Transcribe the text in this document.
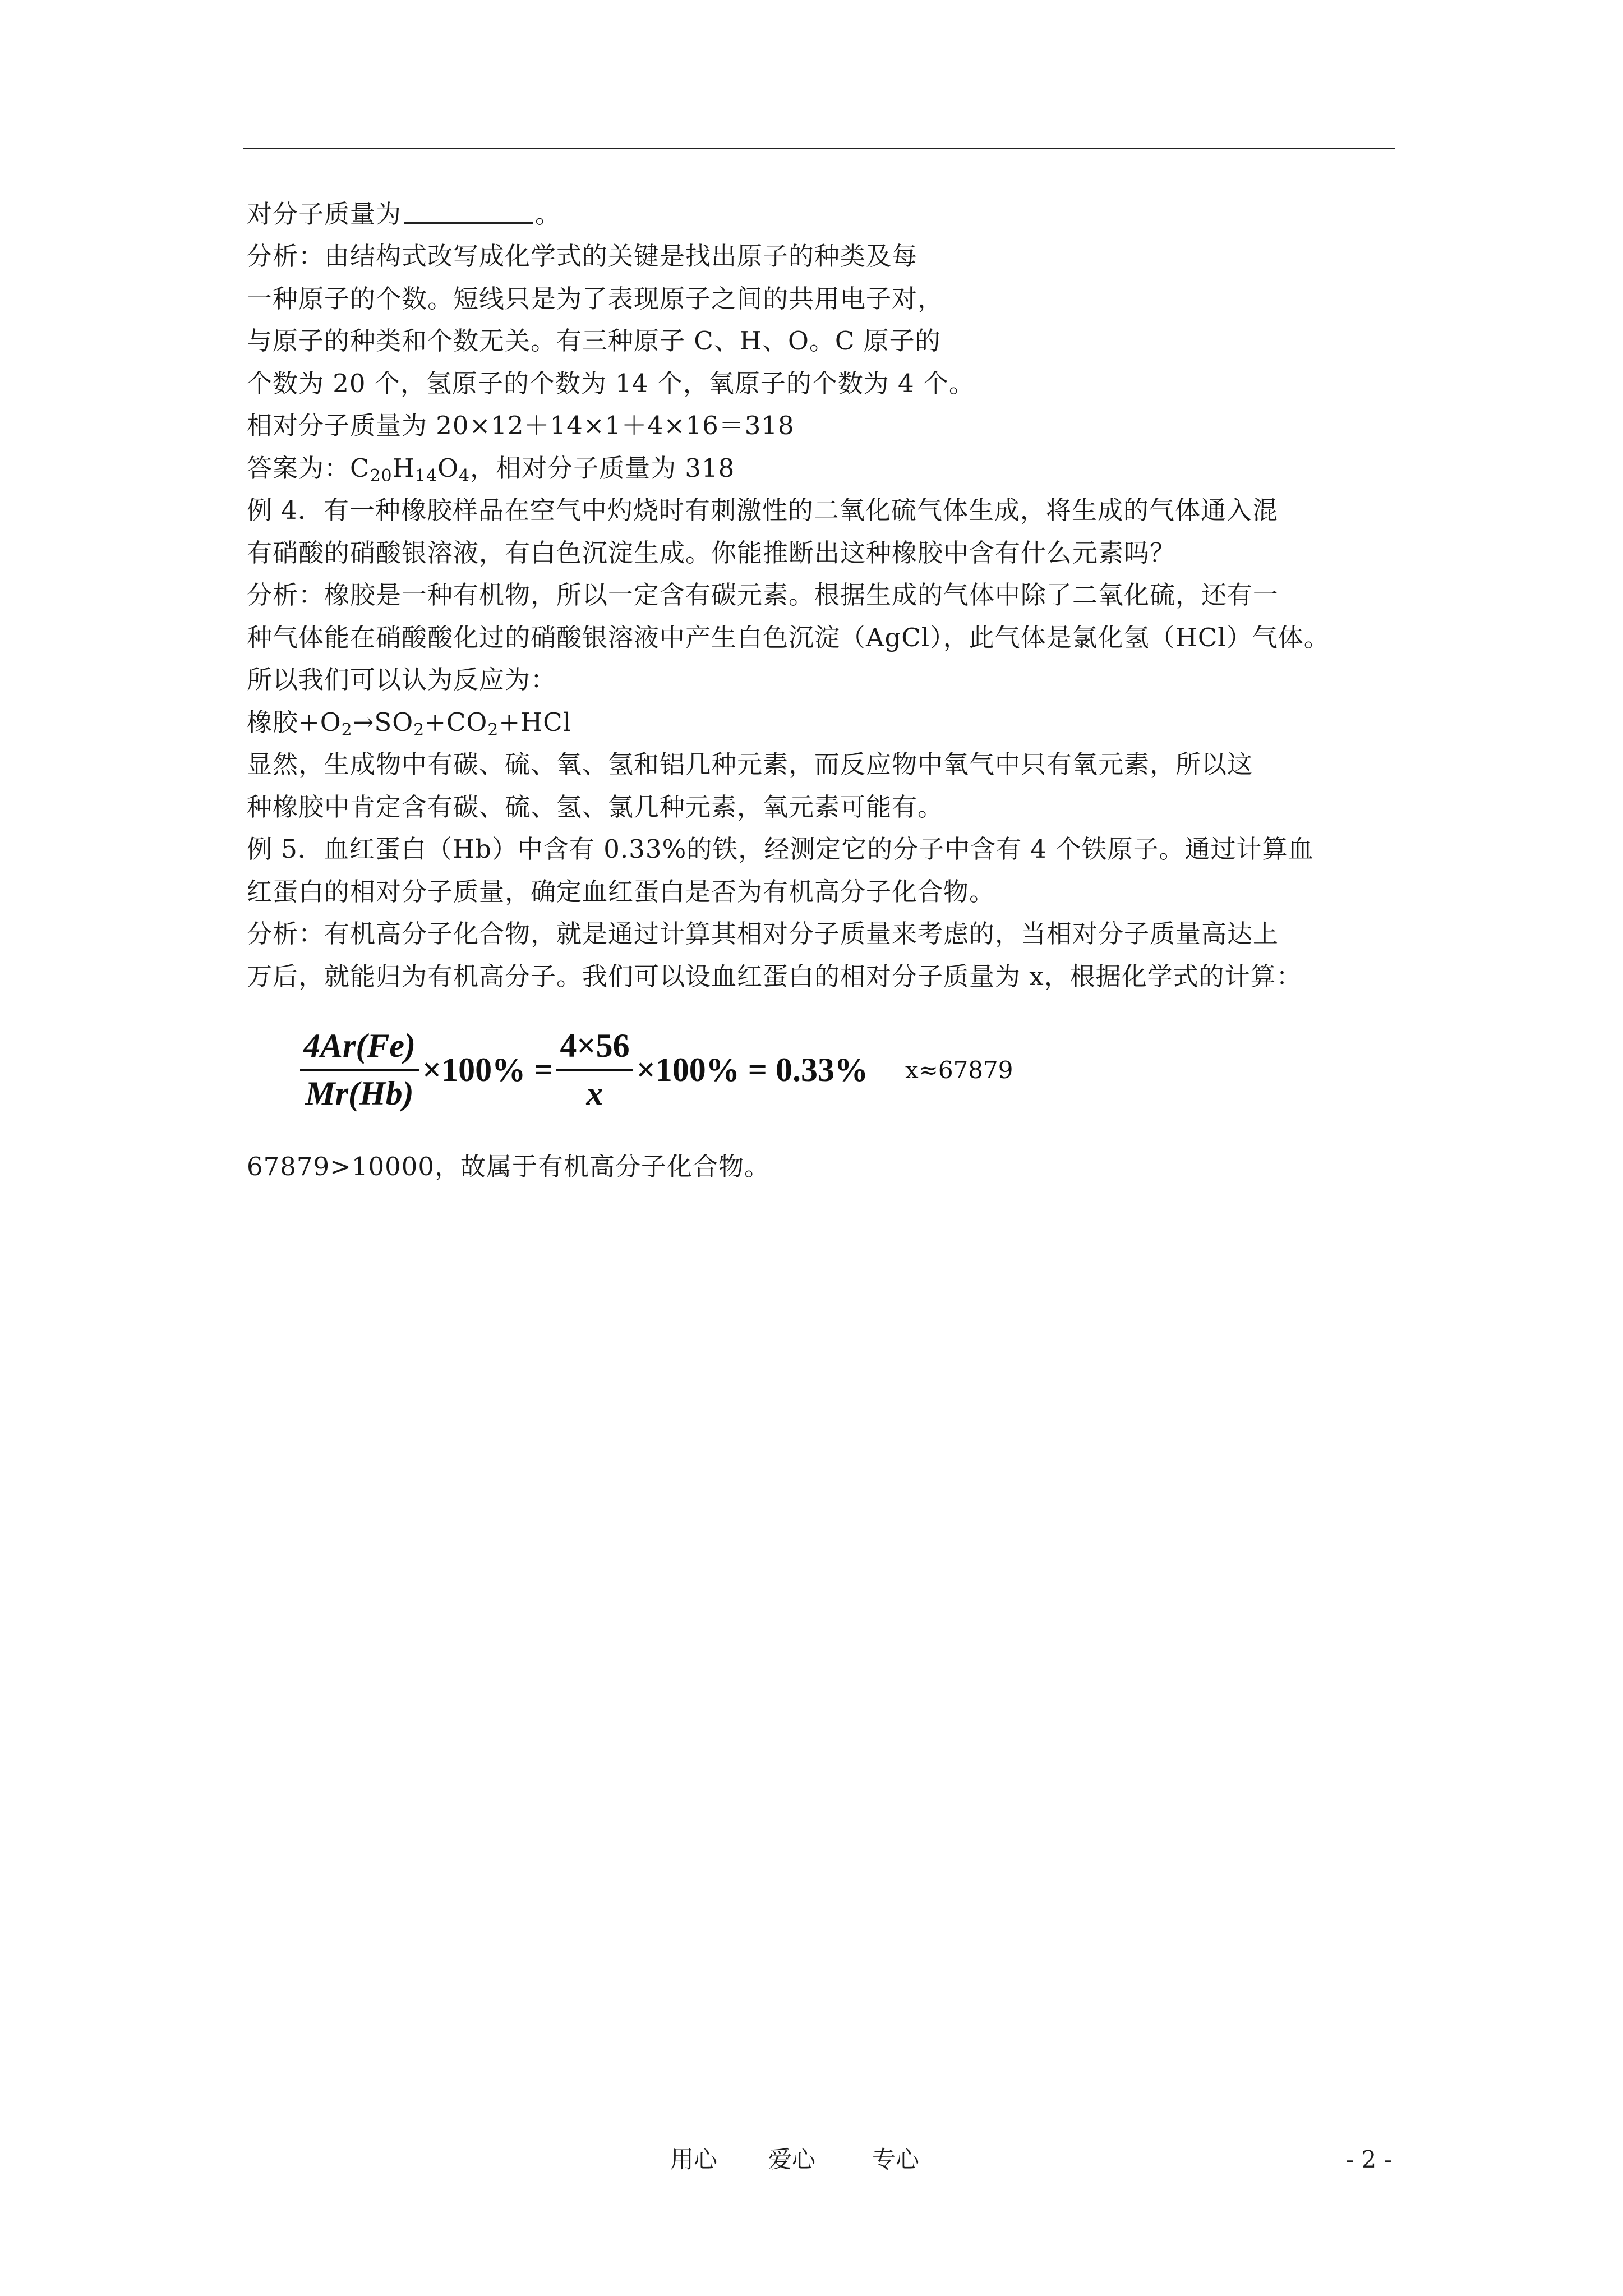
对分子质量为	。
分析：由结构式改写成化学式的关键是找出原子的种类及每
一种原子的个数。短线只是为了表现原子之间的共用电子对，
与原子的种类和个数无关。有三种原子 C、H、O。C 原子的
个数为 20 个，氢原子的个数为 14 个，氧原子的个数为 4 个。
相对分子质量为 20×12＋14×1＋4×16＝318
答案为：$C_{20}H_{14}O_4$，相对分子质量为 318
例 4．有一种橡胶样品在空气中灼烧时有刺激性的二氧化硫气体生成，将生成的气体通入混
有硝酸的硝酸银溶液，有白色沉淀生成。你能推断出这种橡胶中含有什么元素吗？
分析：橡胶是一种有机物，所以一定含有碳元素。根据生成的气体中除了二氧化硫，还有一
种气体能在硝酸酸化过的硝酸银溶液中产生白色沉淀（AgCl），此气体是氯化氢（HCl）气体。
所以我们可以认为反应为：
橡胶$+O_2\to SO_2+CO_2+HCl$
显然，生成物中有碳、硫、氧、氢和铝几种元素，而反应物中氧气中只有氧元素，所以这
种橡胶中肯定含有碳、硫、氢、氯几种元素，氧元素可能有。
例 5．血红蛋白（Hb）中含有 0.33%的铁，经测定它的分子中含有 4 个铁原子。通过计算血
红蛋白的相对分子质量，确定血红蛋白是否为有机高分子化合物。
分析：有机高分子化合物，就是通过计算其相对分子质量来考虑的，当相对分子质量高达上
万后，就能归为有机高分子。我们可以设血红蛋白的相对分子质量为 x，根据化学式的计算：
$\frac{4Ar(Fe)}{Mr(Hb)} \times 100\% = \frac{4\times 56}{x} \times 100\% = 0.33\%$ x≈67879
67879>10000，故属于有机高分子化合物。
用心 爱心 专心	- 2 -
